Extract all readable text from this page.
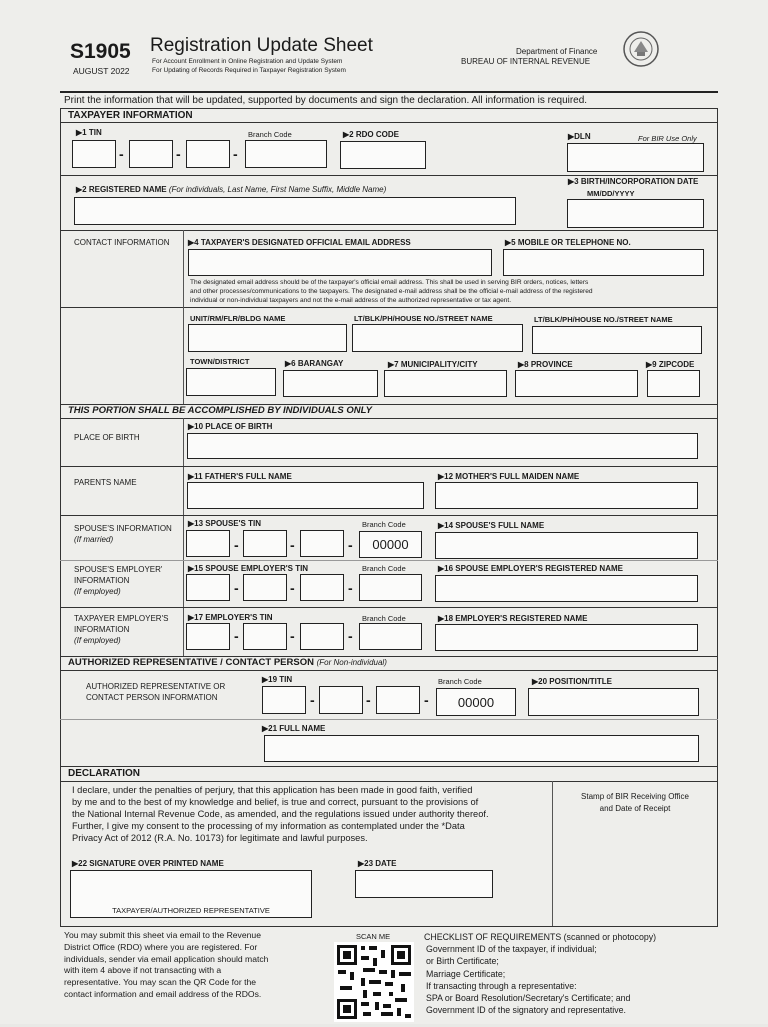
S1905
AUGUST 2022
Registration Update Sheet
For Account Enrollment in Online Registration and Update System
For Updating of Records Required in Taxpayer Registration System
Department of Finance
BUREAU OF INTERNAL REVENUE
Print the information that will be updated, supported by documents and sign the declaration. All information is required.
TAXPAYER INFORMATION
▶1 TIN
-	-	-
Branch Code	▶2 RDO CODE	▶DLN	For BIR Use Only
▶2 REGISTERED NAME (For individuals, Last Name, First Name Suffix, Middle Name)
▶3 BIRTH/INCORPORATION DATE
MM/DD/YYYY
CONTACT INFORMATION ▶4 TAXPAYER'S DESIGNATED OFFICIAL EMAIL ADDRESS	▶5 MOBILE OR TELEPHONE NO.
The designated email address should be of the taxpayer's official email address. This shall be used in serving BIR orders, notices, letters
and other processes/communications to the taxpayers. The designated e-mail address shall be the official e-mail address of the registered
individual or non-individual taxpayers and not the e-mail address of the authorized representative or tax agent.
UNIT/RM/FLR/BLDG NAME	LT/BLK/PH/HOUSE NO./STREET NAME	LT/BLK/PH/HOUSE NO./STREET NAME
TOWN/DISTRICT	▶6 BARANGAY	▶7 MUNICIPALITY/CITY	▶8 PROVINCE	▶9 ZIPCODE
THIS PORTION SHALL BE ACCOMPLISHED BY INDIVIDUALS ONLY
PLACE OF BIRTH
▶10 PLACE OF BIRTH
PARENTS NAME
▶11 FATHER'S FULL NAME	▶12 MOTHER'S FULL MAIDEN NAME
SPOUSE'S INFORMATION
(If married)
▶13 SPOUSE'S TIN
-	-	-
Branch Code
00000
▶14 SPOUSE'S FULL NAME
SPOUSE'S EMPLOYER'
INFORMATION
(If employed)
▶15 SPOUSE EMPLOYER'S TIN
-	-	-
Branch Code	▶16 SPOUSE EMPLOYER'S REGISTERED NAME
TAXPAYER EMPLOYER'S
INFORMATION
(If employed)
▶17 EMPLOYER'S TIN
-	-	-
Branch Code	▶18 EMPLOYER'S REGISTERED NAME
AUTHORIZED REPRESENTATIVE / CONTACT PERSON (For Non-individual)
AUTHORIZED REPRESENTATIVE OR
CONTACT PERSON INFORMATION
▶19 TIN
-	-	-
Branch Code
00000
▶20 POSITION/TITLE
▶21 FULL NAME
DECLARATION
I declare, under the penalties of perjury, that this application has been made in good faith, verified
by me and to the best of my knowledge and belief, is true and correct, pursuant to the provisions of
the National Internal Revenue Code, as amended, and the regulations issued under authority thereof.
Further, I give my consent to the processing of my information as contemplated under the *Data
Privacy Act of 2012 (R.A. No. 10173) for legitimate and lawful purposes.
Stamp of BIR Receiving Office
and Date of Receipt
▶22 SIGNATURE OVER PRINTED NAME
TAXPAYER/AUTHORIZED REPRESENTATIVE
▶23 DATE
You may submit this sheet via email to the Revenue
District Office (RDO) where you are registered. For
individuals, sender via email application should match
with item 4 above if not transacting with a
representative. You may scan the QR Code for the
contact information and email address of the RDOs.
SCAN ME	CHECKLIST OF REQUIREMENTS (scanned or photocopy)
Government ID of the taxpayer, if individual;
or Birth Certificate;
Marriage Certificate;
If transacting through a representative:
SPA or Board Resolution/Secretary's Certificate; and
Government ID of the signatory and representative.
